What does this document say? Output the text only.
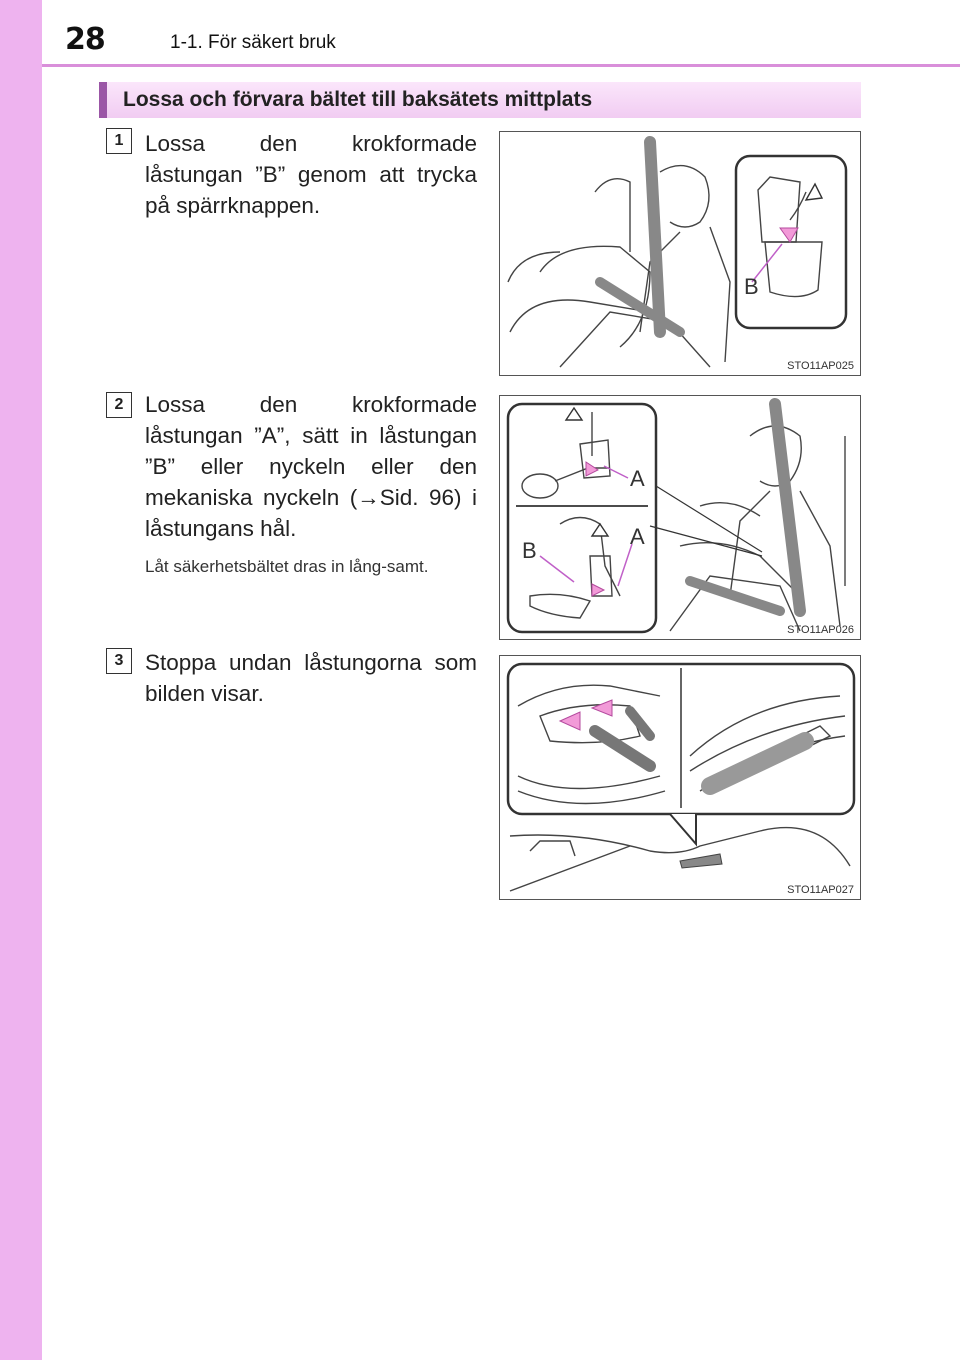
28	1-1. För säkert bruk
Lossa och förvara bältet till baksätets mittplats
1 Lossa den krokformade låstungan ”B” genom att trycka på spärrknappen.
B
STO11AP025
2 Lossa den krokformade låstungan ”A”, sätt in låstungan ”B” eller nyckeln eller den mekaniska nyckeln (→Sid. 96) i låstungans hål.
Låt säkerhetsbältet dras in lång-samt.
A
B
A
STO11AP026
3 Stoppa undan låstungorna som bilden visar.
STO11AP027
